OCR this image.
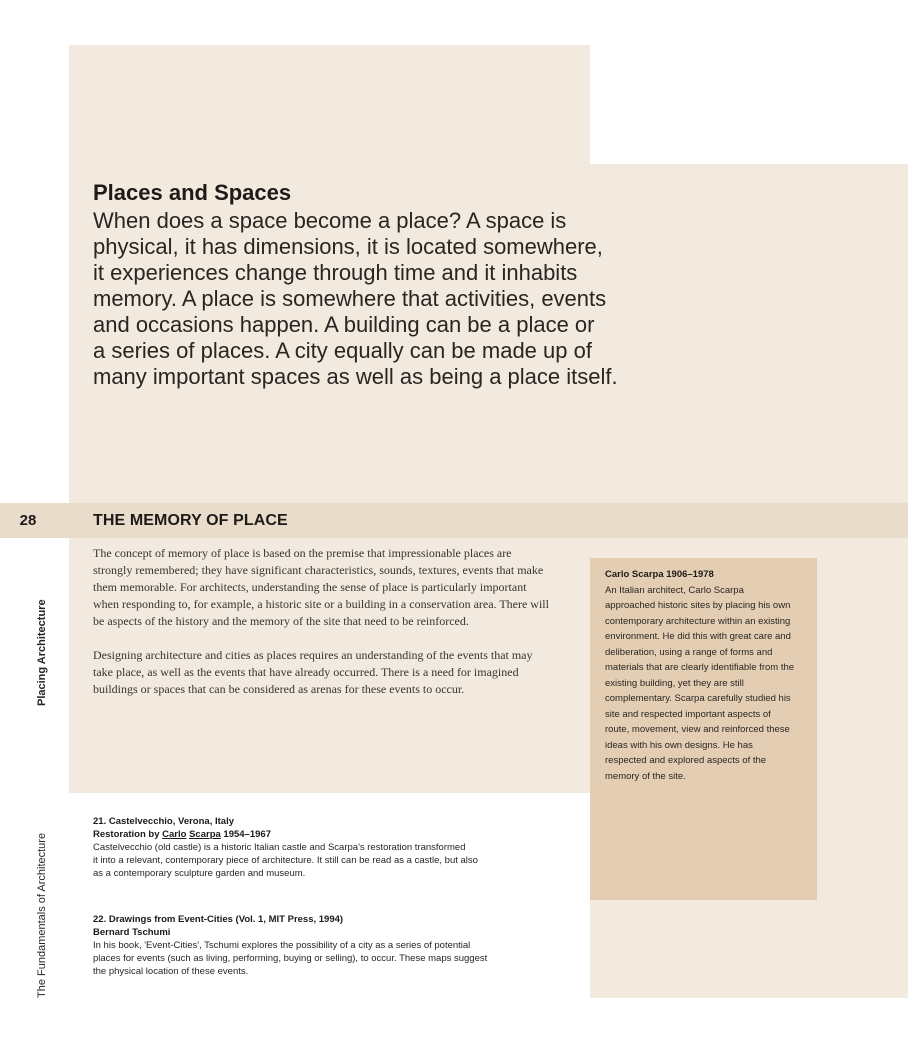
Places and Spaces
When does a space become a place? A space is
physical, it has dimensions, it is located somewhere,
it experiences change through time and it inhabits
memory. A place is somewhere that activities, events
and occasions happen. A building can be a place or
a series of places. A city equally can be made up of
many important spaces as well as being a place itself.
28	THE MEMORY OF PLACE

The concept of memory of place is based on the premise that impressionable places are strongly remembered; they have significant characteristics, sounds, textures, events that make them memorable. For architects, understanding the sense of place is particularly important when responding to, for example, a historic site or a building in a conservation area. There will be aspects of the history and the memory of the site that need to be reinforced.

Designing architecture and cities as places requires an understanding of the events that may take place, as well as the events that have already occurred. There is a need for imagined buildings or spaces that can be considered as arenas for these events to occur.

Placing Architecture
The Fundamentals of Architecture
Carlo Scarpa 1906–1978
An Italian architect, Carlo Scarpa approached historic sites by placing his own contemporary architecture within an existing environment. He did this with great care and deliberation, using a range of forms and materials that are clearly identifiable from the existing building, yet they are still complementary. Scarpa carefully studied his site and respected important aspects of route, movement, view and reinforced these ideas with his own designs. He has respected and explored aspects of the memory of the site.
21. Castelvecchio, Verona, Italy
Restoration by Carlo Scarpa 1954–1967
Castelvecchio (old castle) is a historic Italian castle and Scarpa's restoration transformed
it into a relevant, contemporary piece of architecture. It still can be read as a castle, but also
as a contemporary sculpture garden and museum.
22. Drawings from Event-Cities (Vol. 1, MIT Press, 1994)
Bernard Tschumi
In his book, 'Event-Cities', Tschumi explores the possibility of a city as a series of potential
places for events (such as living, performing, buying or selling), to occur. These maps suggest
the physical location of these events.
